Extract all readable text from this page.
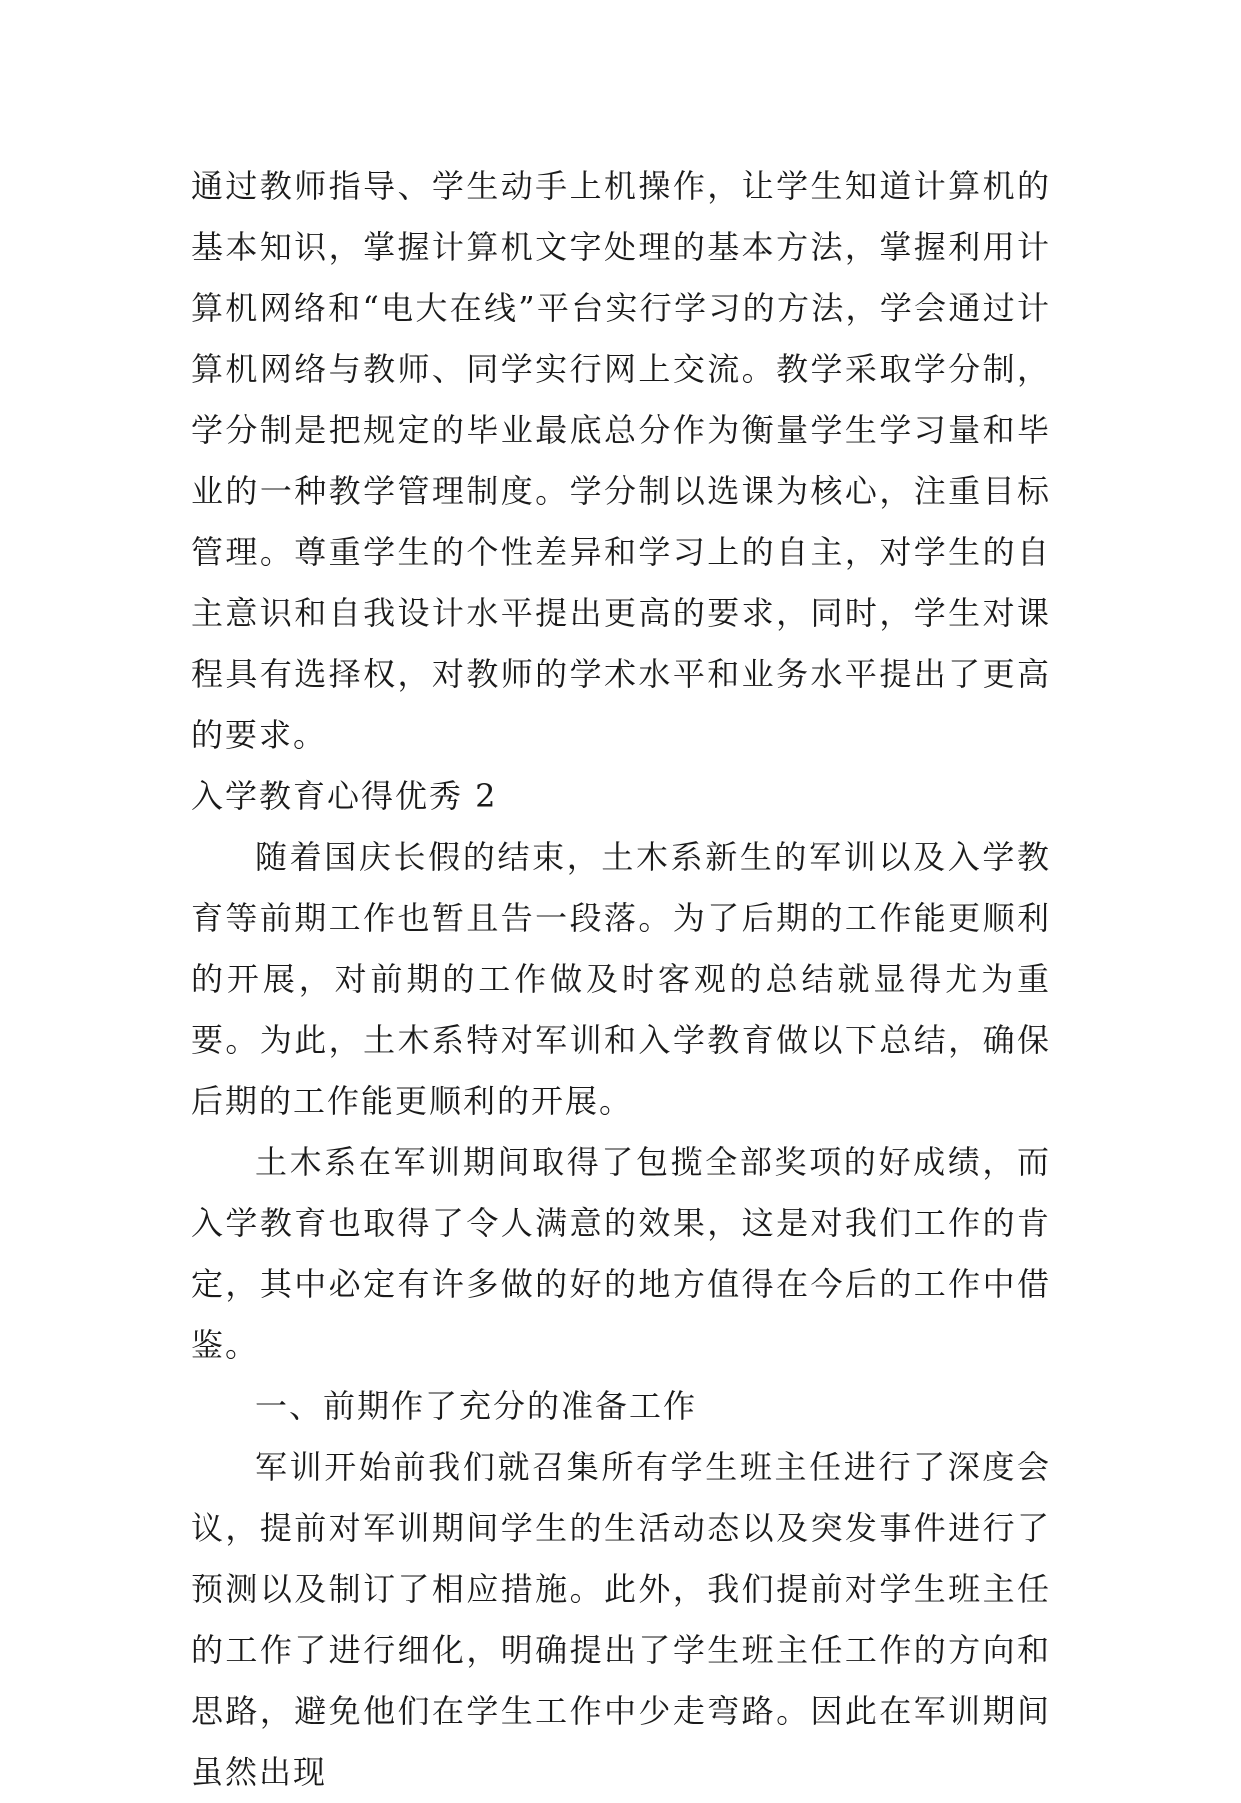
通过教师指导、学生动手上机操作，让学生知道计算机的基本知识，掌握计算机文字处理的基本方法，掌握利用计算机网络和“电大在线”平台实行学习的方法，学会通过计算机网络与教师、同学实行网上交流。教学采取学分制，学分制是把规定的毕业最底总分作为衡量学生学习量和毕业的一种教学管理制度。学分制以选课为核心，注重目标管理。尊重学生的个性差异和学习上的自主，对学生的自主意识和自我设计水平提出更高的要求，同时，学生对课程具有选择权，对教师的学术水平和业务水平提出了更高的要求。

入学教育心得优秀 2

随着国庆长假的结束，土木系新生的军训以及入学教育等前期工作也暂且告一段落。为了后期的工作能更顺利的开展，对前期的工作做及时客观的总结就显得尤为重要。为此，土木系特对军训和入学教育做以下总结，确保后期的工作能更顺利的开展。

土木系在军训期间取得了包揽全部奖项的好成绩，而入学教育也取得了令人满意的效果，这是对我们工作的肯定，其中必定有许多做的好的地方值得在今后的工作中借鉴。

一、前期作了充分的准备工作

军训开始前我们就召集所有学生班主任进行了深度会议，提前对军训期间学生的生活动态以及突发事件进行了预测以及制订了相应措施。此外，我们提前对学生班主任的工作了进行细化，明确提出了学生班主任工作的方向和思路，避免他们在学生工作中少走弯路。因此在军训期间虽然出现
